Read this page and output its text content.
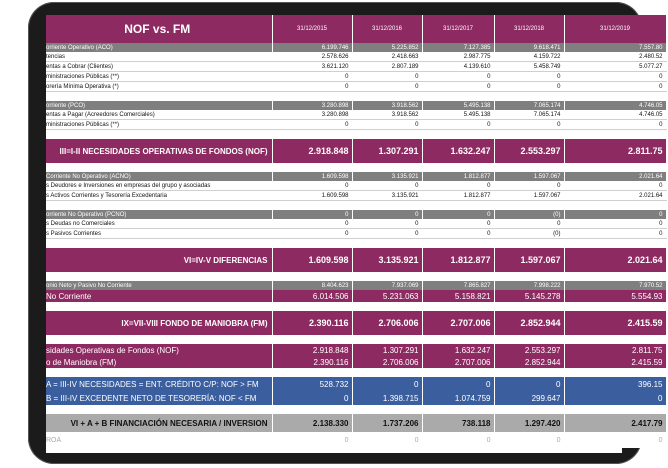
NOF vs. FM	31/12/2015	31/12/2016	31/12/2017	31/12/2018	31/12/2019
orriente Operativo (ACO)	6.199.746	5.225.852	7.127.385	9.618.471	7.557.80
tencias	2.578.626	2.418.663	2.987.775	4.159.722	2.480.52
entas a Cobrar (Clientes)	3.621.120	2.807.189	4.139.610	5.458.749	5.077.27
ministraciones Públicas (**)	0	0	0	0	0
orería Mínima Operativa (*)	0	0	0	0	0

orriente (PCO)	3.280.898	3.918.562	5.495.138	7.065.174	4.746.05
entas a Pagar (Acreedores Comerciales)	3.280.898	3.918.562	5.495.138	7.065.174	4.746.05
ministraciones Públicas (**)	0	0	0	0	0

III=I-II NECESIDADES OPERATIVAS DE FONDOS (NOF)	2.918.848	1.307.291	1.632.247	2.553.297	2.811.75

Corriente No Operativo (ACNO)	1.609.598	3.135.921	1.812.877	1.597.067	2.021.64
s Deudores e Inversiones en empresas del grupo y asociadas	0	0	0	0	0
s Activos Corrientes y Tesorería Excedentaria	1.609.598	3.135.921	1.812.877	1.597.067	2.021.64

orriente No Operativo (PCNO)	0	0	0	(0)	0
s Deudas no Comerciales	0	0	0	0	0
s Pasivos Corrientes	0	0	0	(0)	0

VI=IV-V DIFERENCIAS	1.609.598	3.135.921	1.812.877	1.597.067	2.021.64

onio Neto y Pasivo No Corriente	8.404.623	7.937.069	7.865.827	7.998.222	7.970.52
No Corriente	6.014.506	5.231.063	5.158.821	5.145.278	5.554.93

IX=VII-VIII FONDO DE MANIOBRA (FM)	2.390.116	2.706.006	2.707.006	2.852.944	2.415.59

sidades Operativas de Fondos (NOF)	2.918.848	1.307.291	1.632.247	2.553.297	2.811.75
o de Maniobra (FM)	2.390.116	2.706.006	2.707.006	2.852.944	2.415.59

A = III-IV NECESIDADES = ENT. CRÉDITO C/P: NOF > FM	528.732	0	0	0	396.15
B = III-IV EXCEDENTE NETO DE TESORERÍA: NOF < FM	0	1.398.715	1.074.759	299.647	0

VI + A + B FINANCIACIÓN NECESARIA / INVERSION	2.138.330	1.737.206	738.118	1.297.420	2.417.79
ROA	0	0	0	0	0
